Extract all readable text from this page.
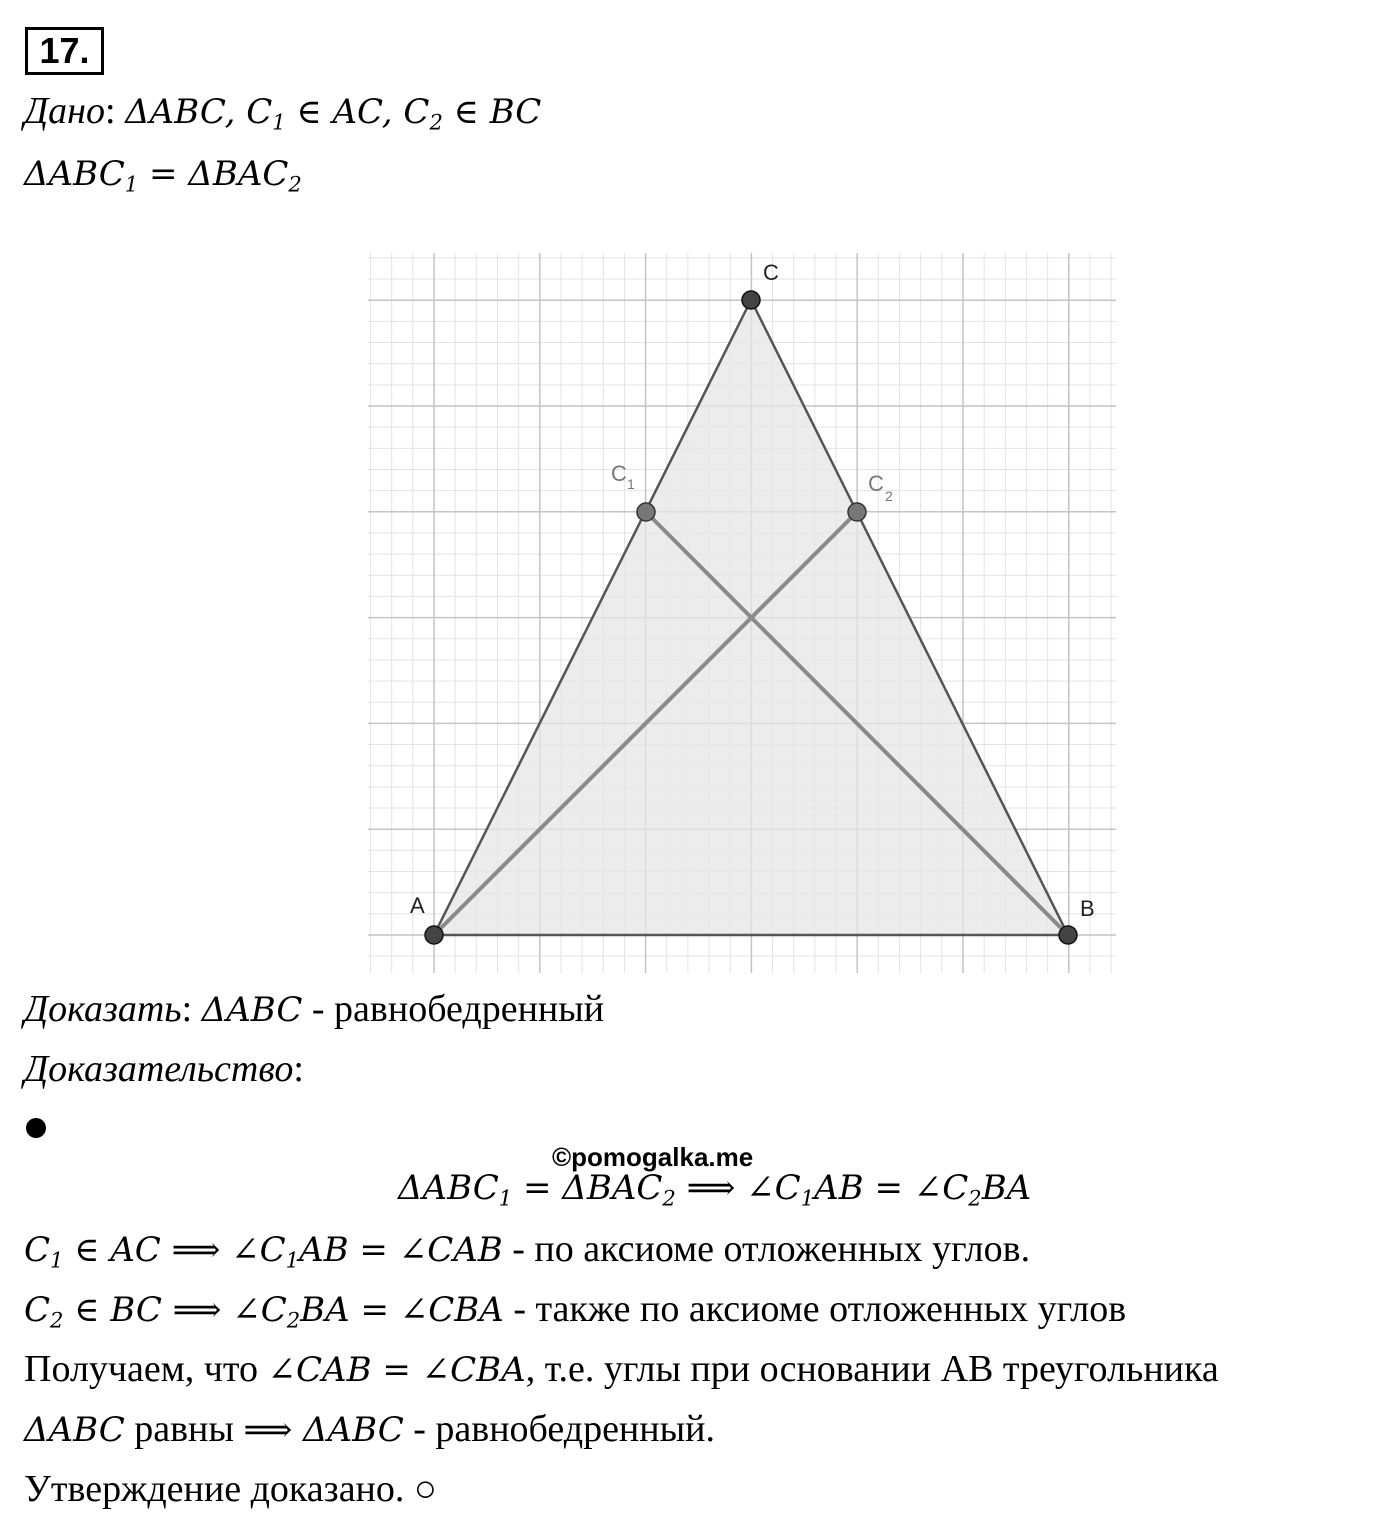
17.
Дано: ΔABC, $C_1$ ∈ AC, $C_2$ ∈ BC
$\Delta ABC_1 = \Delta BAC_2$
A	B
C
C 1	C 2
Доказать: ΔABC - равнобедренный
Доказательство:
©pomogalka.me
$\Delta ABC_1 = \Delta BAC_2$ ⟹ $\angle C_1AB$ = $\angle C_2BA$
$C_1$ ∈ AC ⟹ $\angle C_1AB$ = ∠CAB - по аксиоме отложенных углов.
$C_2$ ∈ BC ⟹ $\angle C_2BA$ = ∠CBA - также по аксиоме отложенных углов
Получаем, что ∠CAB = ∠CBA, т.е. углы при основании АВ треугольника
ΔABC равны ⟹ ΔABC - равнобедренный.
Утверждение доказано. ○
